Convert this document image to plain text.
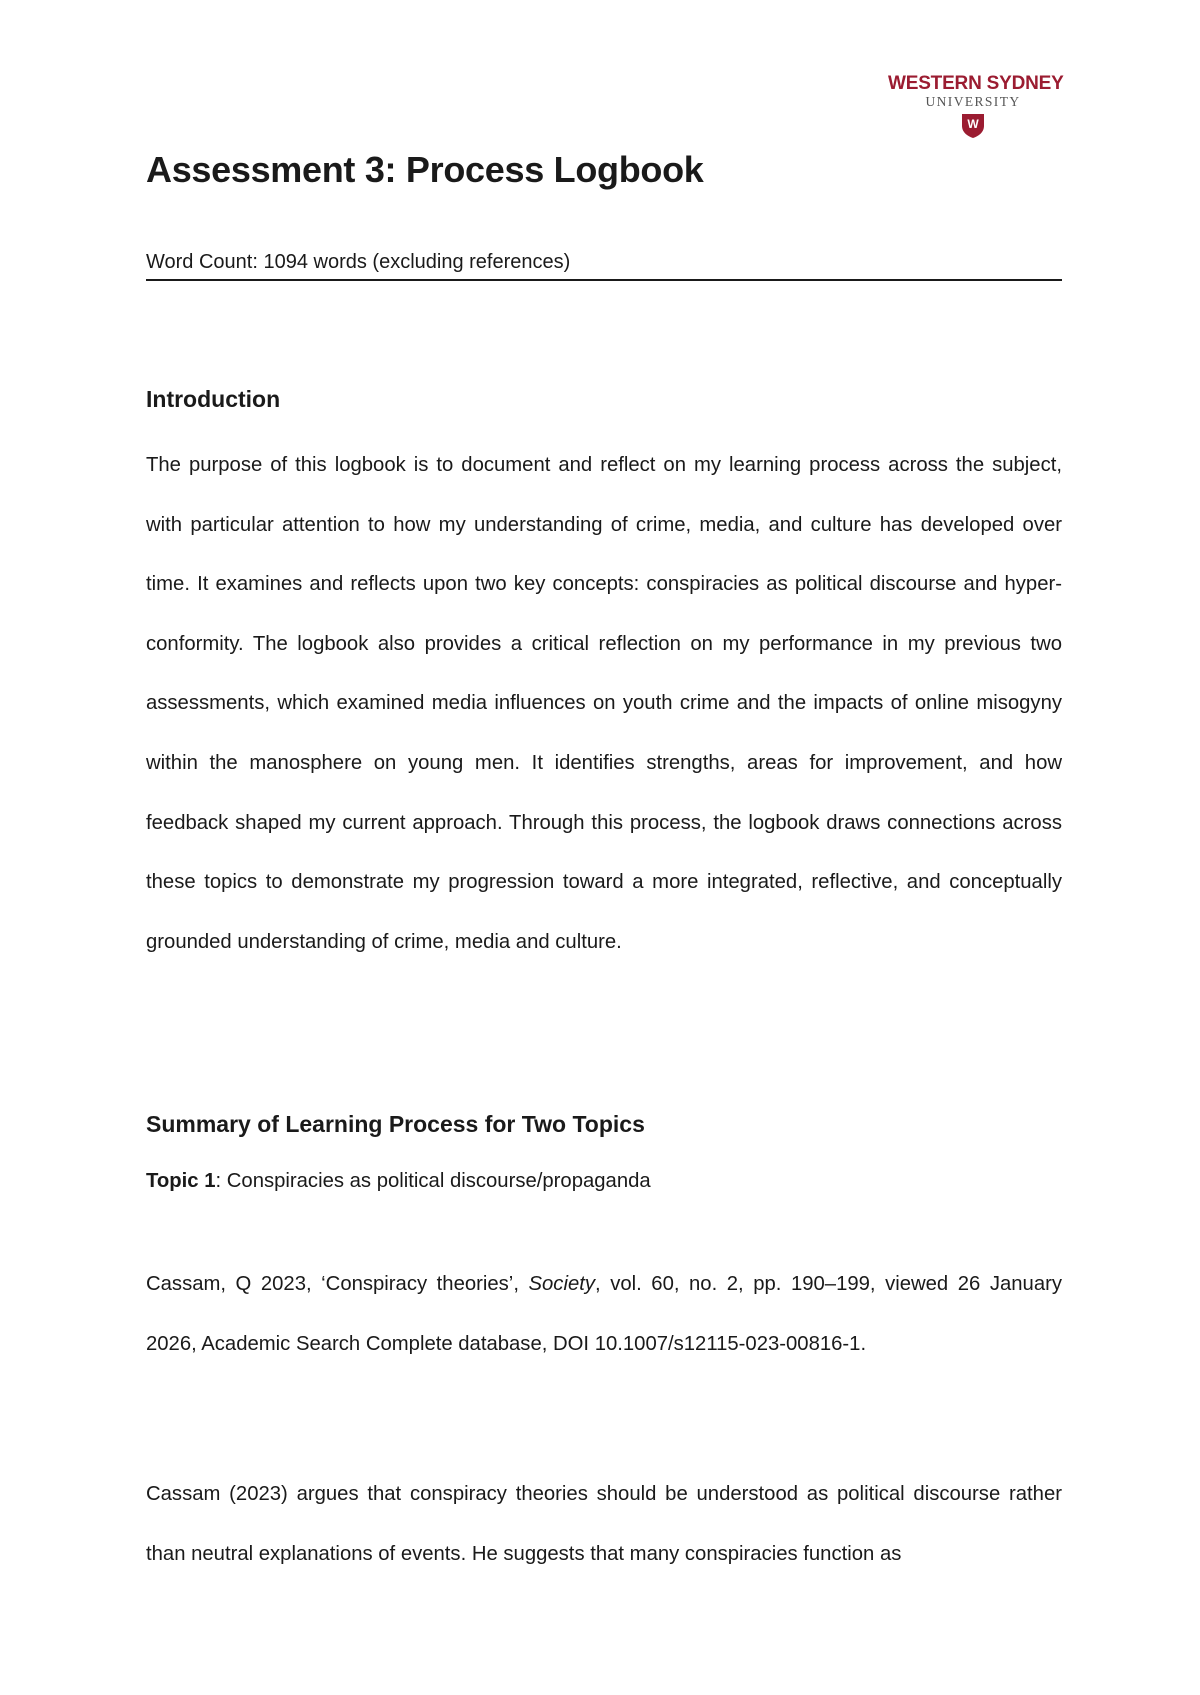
WESTERN SYDNEY
UNIVERSITY
W
Assessment 3: Process Logbook
Word Count: 1094 words (excluding references)
Introduction

The purpose of this logbook is to document and reflect on my learning process across the subject, with particular attention to how my understanding of crime, media, and culture has developed over time. It examines and reflects upon two key concepts: conspiracies as political discourse and hyper-conformity. The logbook also provides a critical reflection on my performance in my previous two assessments, which examined media influences on youth crime and the impacts of online misogyny within the manosphere on young men. It identifies strengths, areas for improvement, and how feedback shaped my current approach. Through this process, the logbook draws connections across these topics to demonstrate my progression toward a more integrated, reflective, and conceptually grounded understanding of crime, media and culture.

Summary of Learning Process for Two Topics

Topic 1: Conspiracies as political discourse/propaganda

Cassam, Q 2023, ‘Conspiracy theories’, Society, vol. 60, no. 2, pp. 190–199, viewed 26 January 2026, Academic Search Complete database, DOI 10.1007/s12115-023-00816-1.

Cassam (2023) argues that conspiracy theories should be understood as political discourse rather than neutral explanations of events. He suggests that many conspiracies function as
